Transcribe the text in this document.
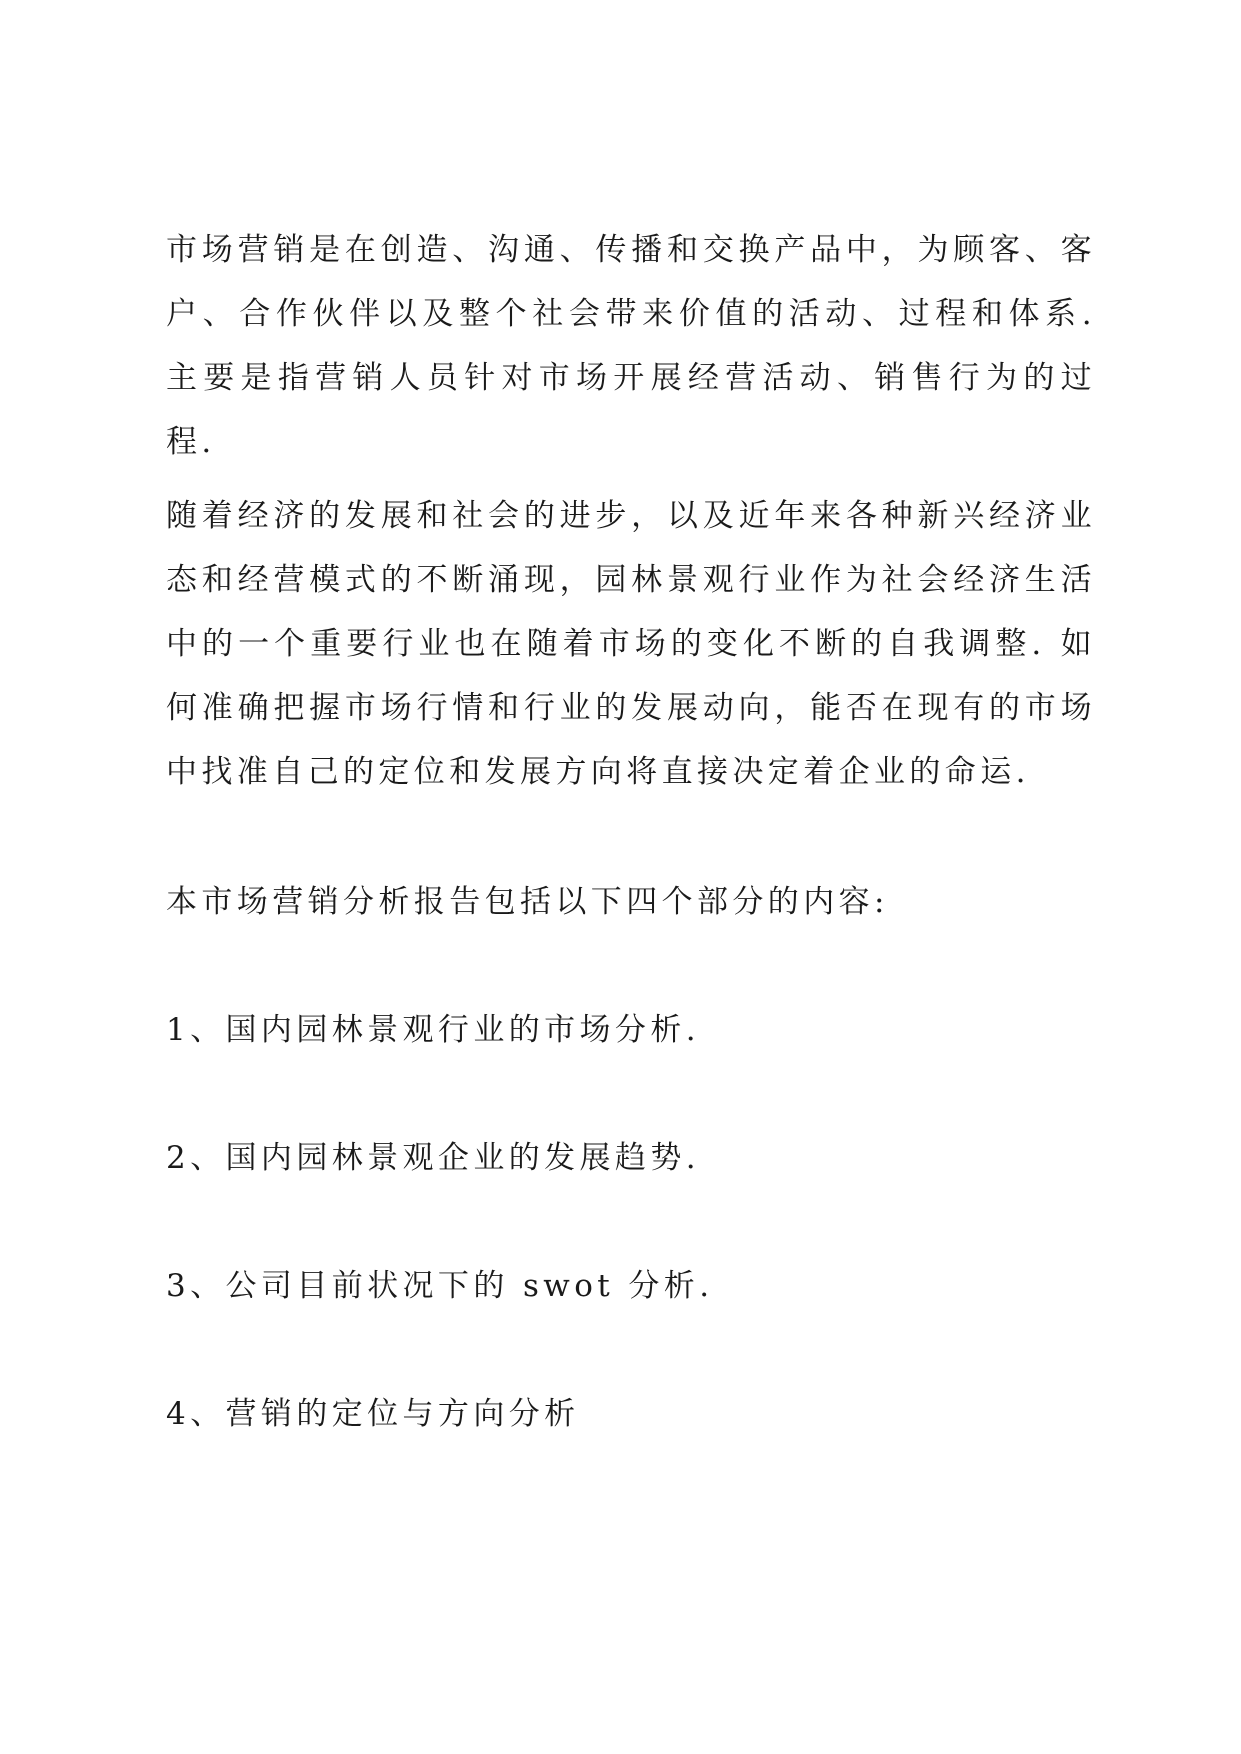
市场营销是在创造、沟通、传播和交换产品中，为顾客、客户、合作伙伴以及整个社会带来价值的活动、过程和体系. 主要是指营销人员针对市场开展经营活动、销售行为的过程.

随着经济的发展和社会的进步，以及近年来各种新兴经济业态和经营模式的不断涌现，园林景观行业作为社会经济生活中的一个重要行业也在随着市场的变化不断的自我调整. 如何准确把握市场行情和行业的发展动向，能否在现有的市场中找准自己的定位和发展方向将直接决定着企业的命运.

本市场营销分析报告包括以下四个部分的内容:

1、国内园林景观行业的市场分析.

2、国内园林景观企业的发展趋势.

3、公司目前状况下的 swot 分析.

4、营销的定位与方向分析
